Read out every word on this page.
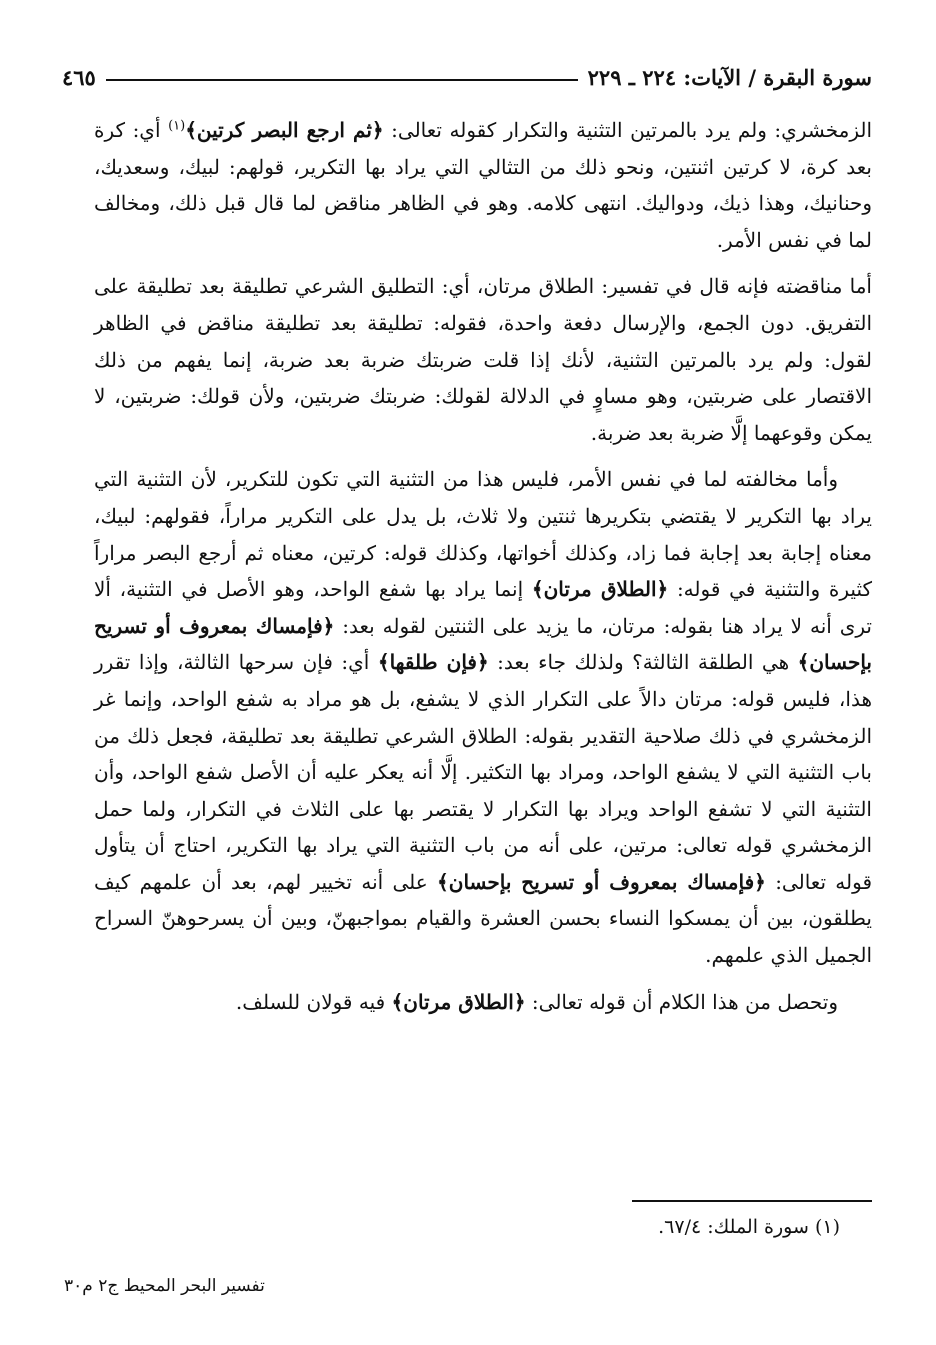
سورة البقرة / الآيات: ٢٢٤ ـ ٢٢٩
٤٦٥

الزمخشري: ولم يرد بالمرتين التثنية والتكرار كقوله تعالى: ﴿ثم ارجع البصر كرتين﴾$^{(١)}$ أي: كرة بعد كرة، لا كرتين اثنتين، ونحو ذلك من التثالي التي يراد بها التكرير، قولهم: لبيك، وسعديك، وحنانيك، وهذا ذيك، ودواليك. انتهى كلامه. وهو في الظاهر مناقض لما قال قبل ذلك، ومخالف لما في نفس الأمر.

أما مناقضته فإنه قال في تفسير: الطلاق مرتان، أي: التطليق الشرعي تطليقة بعد تطليقة على التفريق. دون الجمع، والإرسال دفعة واحدة، فقوله: تطليقة بعد تطليقة مناقض في الظاهر لقول: ولم يرد بالمرتين التثنية، لأنك إذا قلت ضربتك ضربة بعد ضربة، إنما يفهم من ذلك الاقتصار على ضربتين، وهو مساوٍ في الدلالة لقولك: ضربتك ضربتين، ولأن قولك: ضربتين، لا يمكن وقوعهما إلَّا ضربة بعد ضربة.

وأما مخالفته لما في نفس الأمر، فليس هذا من التثنية التي تكون للتكرير، لأن التثنية التي يراد بها التكرير لا يقتضي بتكريرها ثنتين ولا ثلاث، بل يدل على التكرير مراراً، فقولهم: لبيك، معناه إجابة بعد إجابة فما زاد، وكذلك أخواتها، وكذلك قوله: كرتين، معناه ثم أرجع البصر مراراً كثيرة والتثنية في قوله: ﴿الطلاق مرتان﴾ إنما يراد بها شفع الواحد، وهو الأصل في التثنية، ألا ترى أنه لا يراد هنا بقوله: مرتان، ما يزيد على الثنتين لقوله بعد: ﴿فإمساك بمعروف أو تسريح بإحسان﴾ هي الطلقة الثالثة؟ ولذلك جاء بعد: ﴿فإن طلقها﴾ أي: فإن سرحها الثالثة، وإذا تقرر هذا، فليس قوله: مرتان دالاً على التكرار الذي لا يشفع، بل هو مراد به شفع الواحد، وإنما غر الزمخشري في ذلك صلاحية التقدير بقوله: الطلاق الشرعي تطليقة بعد تطليقة، فجعل ذلك من باب التثنية التي لا يشفع الواحد، ومراد بها التكثير. إلَّا أنه يعكر عليه أن الأصل شفع الواحد، وأن التثنية التي لا تشفع الواحد ويراد بها التكرار لا يقتصر بها على الثلاث في التكرار، ولما حمل الزمخشري قوله تعالى: مرتين، على أنه من باب التثنية التي يراد بها التكرير، احتاج أن يتأول قوله تعالى: ﴿فإمساك بمعروف أو تسريح بإحسان﴾ على أنه تخيير لهم، بعد أن علمهم كيف يطلقون، بين أن يمسكوا النساء بحسن العشرة والقيام بمواجبهنّ، وبين أن يسرحوهنّ السراح الجميل الذي علمهم.

وتحصل من هذا الكلام أن قوله تعالى: ﴿الطلاق مرتان﴾ فيه قولان للسلف.

(١) سورة الملك: ٦٧/٤.
تفسير البحر المحيط ج٢ م٣٠
